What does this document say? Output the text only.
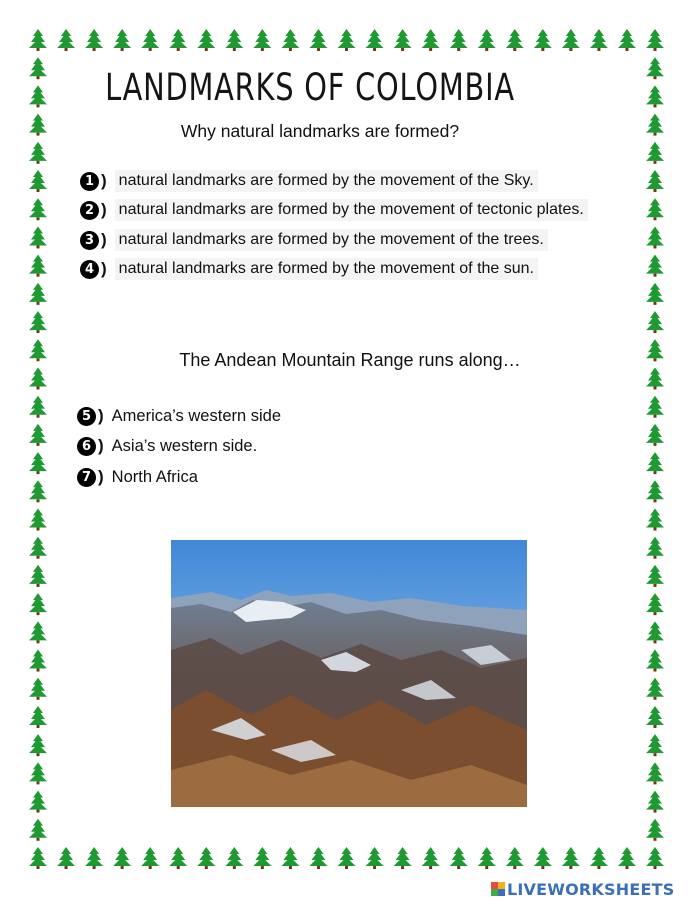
LANDMARKS OF COLOMBIA
Why natural landmarks are formed?
1 ) natural landmarks are formed by the movement of the Sky.
2 ) natural landmarks are formed by the movement of tectonic plates.
3 ) natural landmarks are formed by the movement of the trees.
4 ) natural landmarks are formed by the movement of the sun.
The Andean Mountain Range runs along…
5 ) America’s western side
6 ) Asia’s western side.
7 ) North Africa
LIVEWORKSHEETS
